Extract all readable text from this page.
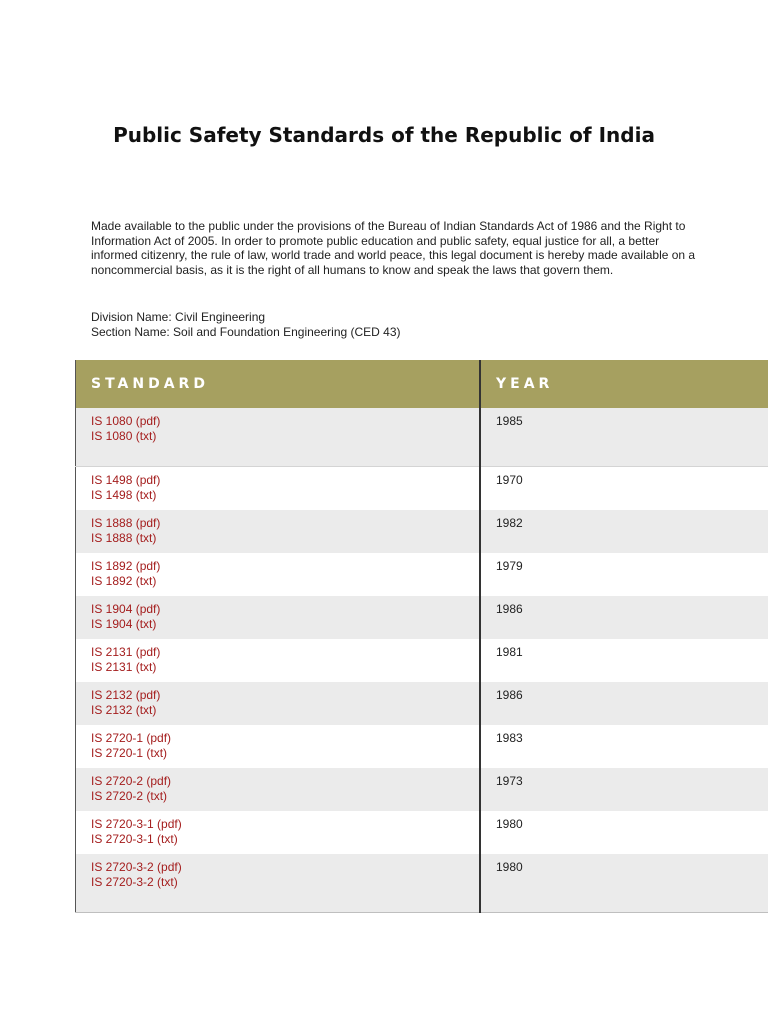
Public Safety Standards of the Republic of India

Made available to the public under the provisions of the Bureau of Indian Standards Act of 1986 and the Right to Information Act of 2005. In order to promote public education and public safety, equal justice for all, a better informed citizenry, the rule of law, world trade and world peace, this legal document is hereby made available on a noncommercial basis, as it is the right of all humans to know and speak the laws that govern them.

Division Name: Civil Engineering
Section Name: Soil and Foundation Engineering (CED 43)
STANDARD	YEAR

IS 1080 (pdf)
IS 1080 (txt)	1985

IS 1498 (pdf)
IS 1498 (txt)	1970

IS 1888 (pdf)
IS 1888 (txt)	1982

IS 1892 (pdf)
IS 1892 (txt)	1979

IS 1904 (pdf)
IS 1904 (txt)	1986

IS 2131 (pdf)
IS 2131 (txt)	1981

IS 2132 (pdf)
IS 2132 (txt)	1986

IS 2720-1 (pdf)
IS 2720-1 (txt)	1983

IS 2720-2 (pdf)
IS 2720-2 (txt)	1973

IS 2720-3-1 (pdf)
IS 2720-3-1 (txt)	1980

IS 2720-3-2 (pdf)
IS 2720-3-2 (txt)	1980
